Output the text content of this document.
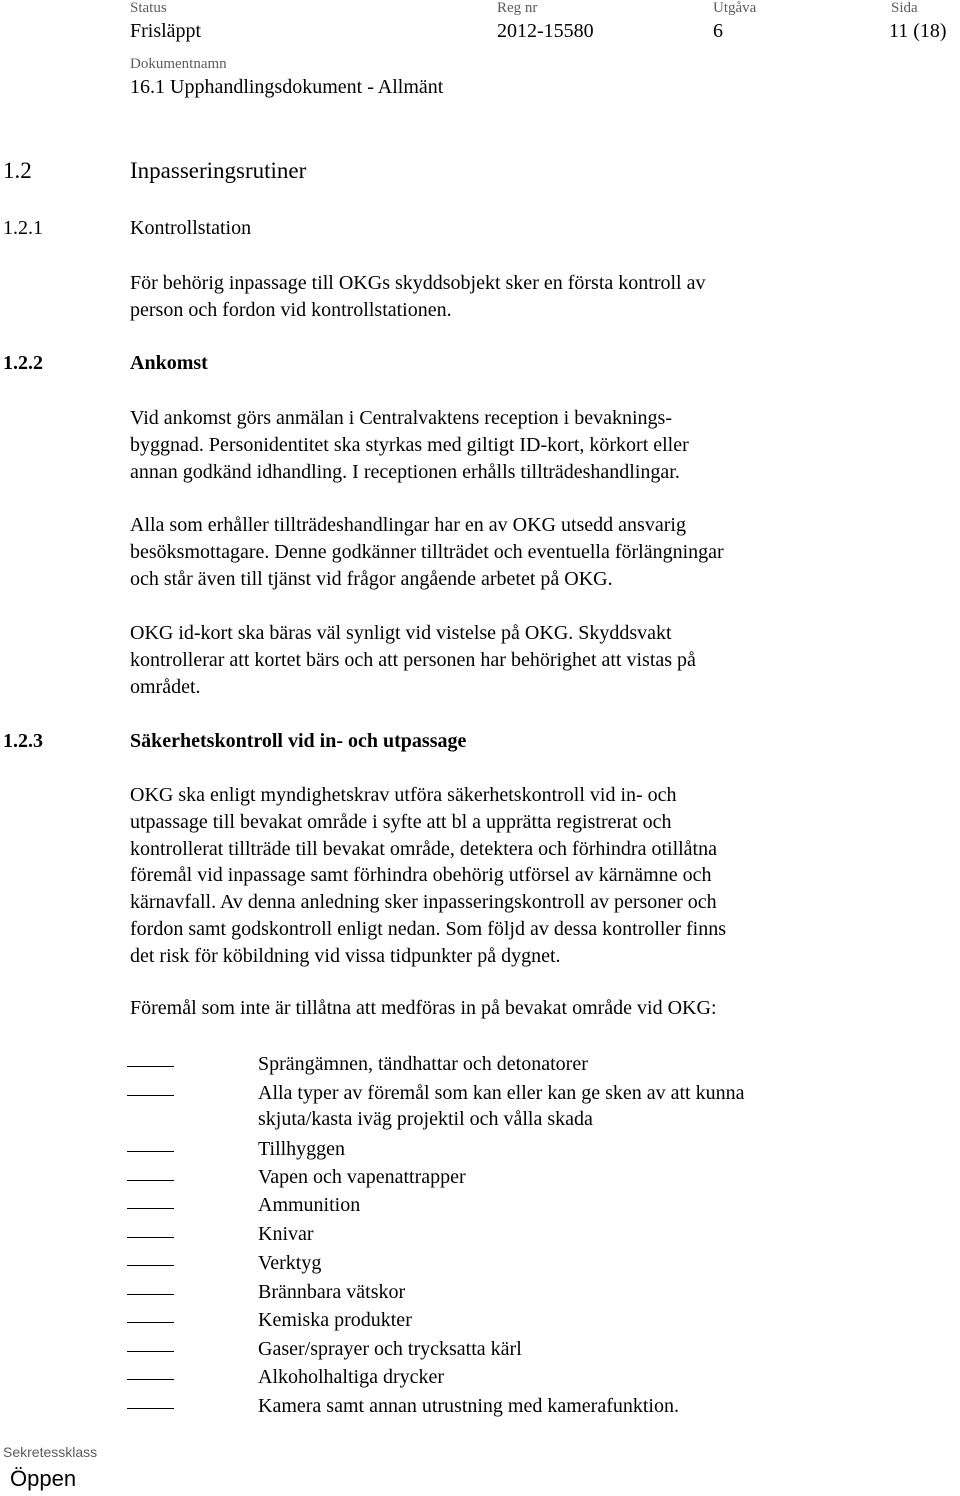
Status
Frisläppt
Reg nr
2012-15580
Utgåva
6
Sida
11 (18)
Dokumentnamn
16.1 Upphandlingsdokument - Allmänt
1.2	Inpasseringsrutiner
1.2.1	Kontrollstation
För behörig inpassage till OKGs skyddsobjekt sker en första kontroll av
person och fordon vid kontrollstationen.
1.2.2	Ankomst
Vid ankomst görs anmälan i Centralvaktens reception i bevaknings-
byggnad. Personidentitet ska styrkas med giltigt ID-kort, körkort eller
annan godkänd idhandling. I receptionen erhålls tillträdeshandlingar.
Alla som erhåller tillträdeshandlingar har en av OKG utsedd ansvarig
besöksmottagare. Denne godkänner tillträdet och eventuella förlängningar
och står även till tjänst vid frågor angående arbetet på OKG.
OKG id-kort ska bäras väl synligt vid vistelse på OKG. Skyddsvakt
kontrollerar att kortet bärs och att personen har behörighet att vistas på
området.
1.2.3	Säkerhetskontroll vid in- och utpassage
OKG ska enligt myndighetskrav utföra säkerhetskontroll vid in- och
utpassage till bevakat område i syfte att bl a upprätta registrerat och
kontrollerat tillträde till bevakat område, detektera och förhindra otillåtna
föremål vid inpassage samt förhindra obehörig utförsel av kärnämne och
kärnavfall. Av denna anledning sker inpasseringskontroll av personer och
fordon samt godskontroll enligt nedan. Som följd av dessa kontroller finns
det risk för köbildning vid vissa tidpunkter på dygnet.
Föremål som inte är tillåtna att medföras in på bevakat område vid OKG:
Sprängämnen, tändhattar och detonatorer
Alla typer av föremål som kan eller kan ge sken av att kunna
skjuta/kasta iväg projektil och vålla skada
Tillhyggen
Vapen och vapenattrapper
Ammunition
Knivar
Verktyg
Brännbara vätskor
Kemiska produkter
Gaser/sprayer och trycksatta kärl
Alkoholhaltiga drycker
Kamera samt annan utrustning med kamerafunktion.
Sekretessklass
Öppen
